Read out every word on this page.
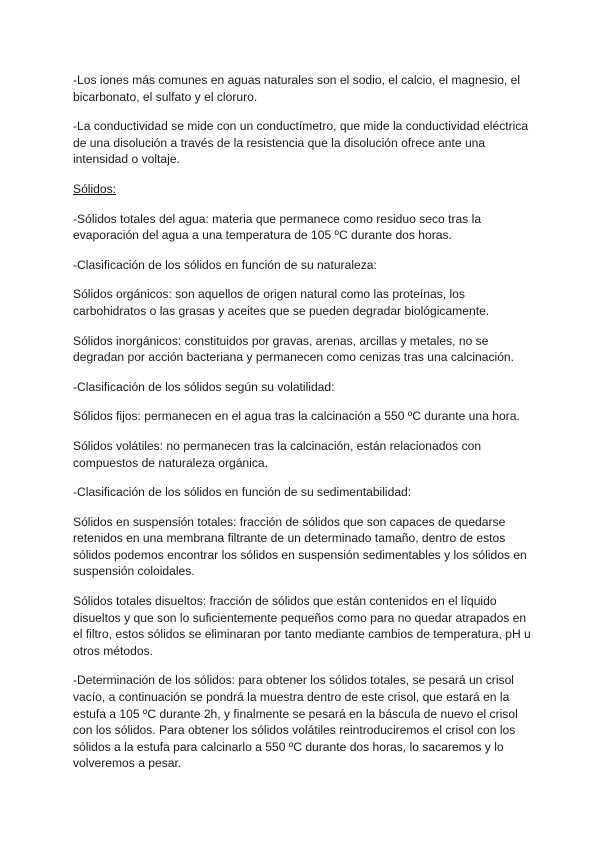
-Los iones más comunes en aguas naturales son el sodio, el calcio, el magnesio, el bicarbonato, el sulfato y el cloruro.

-La conductividad se mide con un conductímetro, que mide la conductividad eléctrica de una disolución a través de la resistencia que la disolución ofrece ante una intensidad o voltaje.

Sólidos:

-Sólidos totales del agua: materia que permanece como residuo seco tras la evaporación del agua a una temperatura de 105 ºC durante dos horas.

-Clasificación de los sólidos en función de su naturaleza:

Sólidos orgánicos: son aquellos de origen natural como las proteínas, los carbohidratos o las grasas y aceites que se pueden degradar biológicamente.

Sólidos inorgánicos: constituidos por gravas, arenas, arcillas y metales, no se degradan por acción bacteriana y permanecen como cenizas tras una calcinación.

-Clasificación de los sólidos según su volatilidad:

Sólidos fijos: permanecen en el agua tras la calcinación a 550 ºC durante una hora.

Sólidos volátiles: no permanecen tras la calcinación, están relacionados con compuestos de naturaleza orgánica.

-Clasificación de los sólidos en función de su sedimentabilidad:

Sólidos en suspensión totales: fracción de sólidos que son capaces de quedarse retenidos en una membrana filtrante de un determinado tamaño, dentro de estos sólidos podemos encontrar los sólidos en suspensión sedimentables y los sólidos en suspensión coloidales.

Sólidos totales disueltos: fracción de sólidos que están contenidos en el líquido disueltos y que son lo suficientemente pequeños como para no quedar atrapados en el filtro, estos sólidos se eliminaran por tanto mediante cambios de temperatura, pH u otros métodos.

-Determinación de los sólidos: para obtener los sólidos totales, se pesará un crisol vacío, a continuación se pondrá la muestra dentro de este crisol, que estará en la estufa a 105 ºC durante 2h, y finalmente se pesará en la báscula de nuevo el crisol con los sólidos. Para obtener los sólidos volátiles reintroduciremos el crisol con los sólidos a la estufa para calcinarlo a 550 ºC durante dos horas, lo sacaremos y lo volveremos a pesar.
